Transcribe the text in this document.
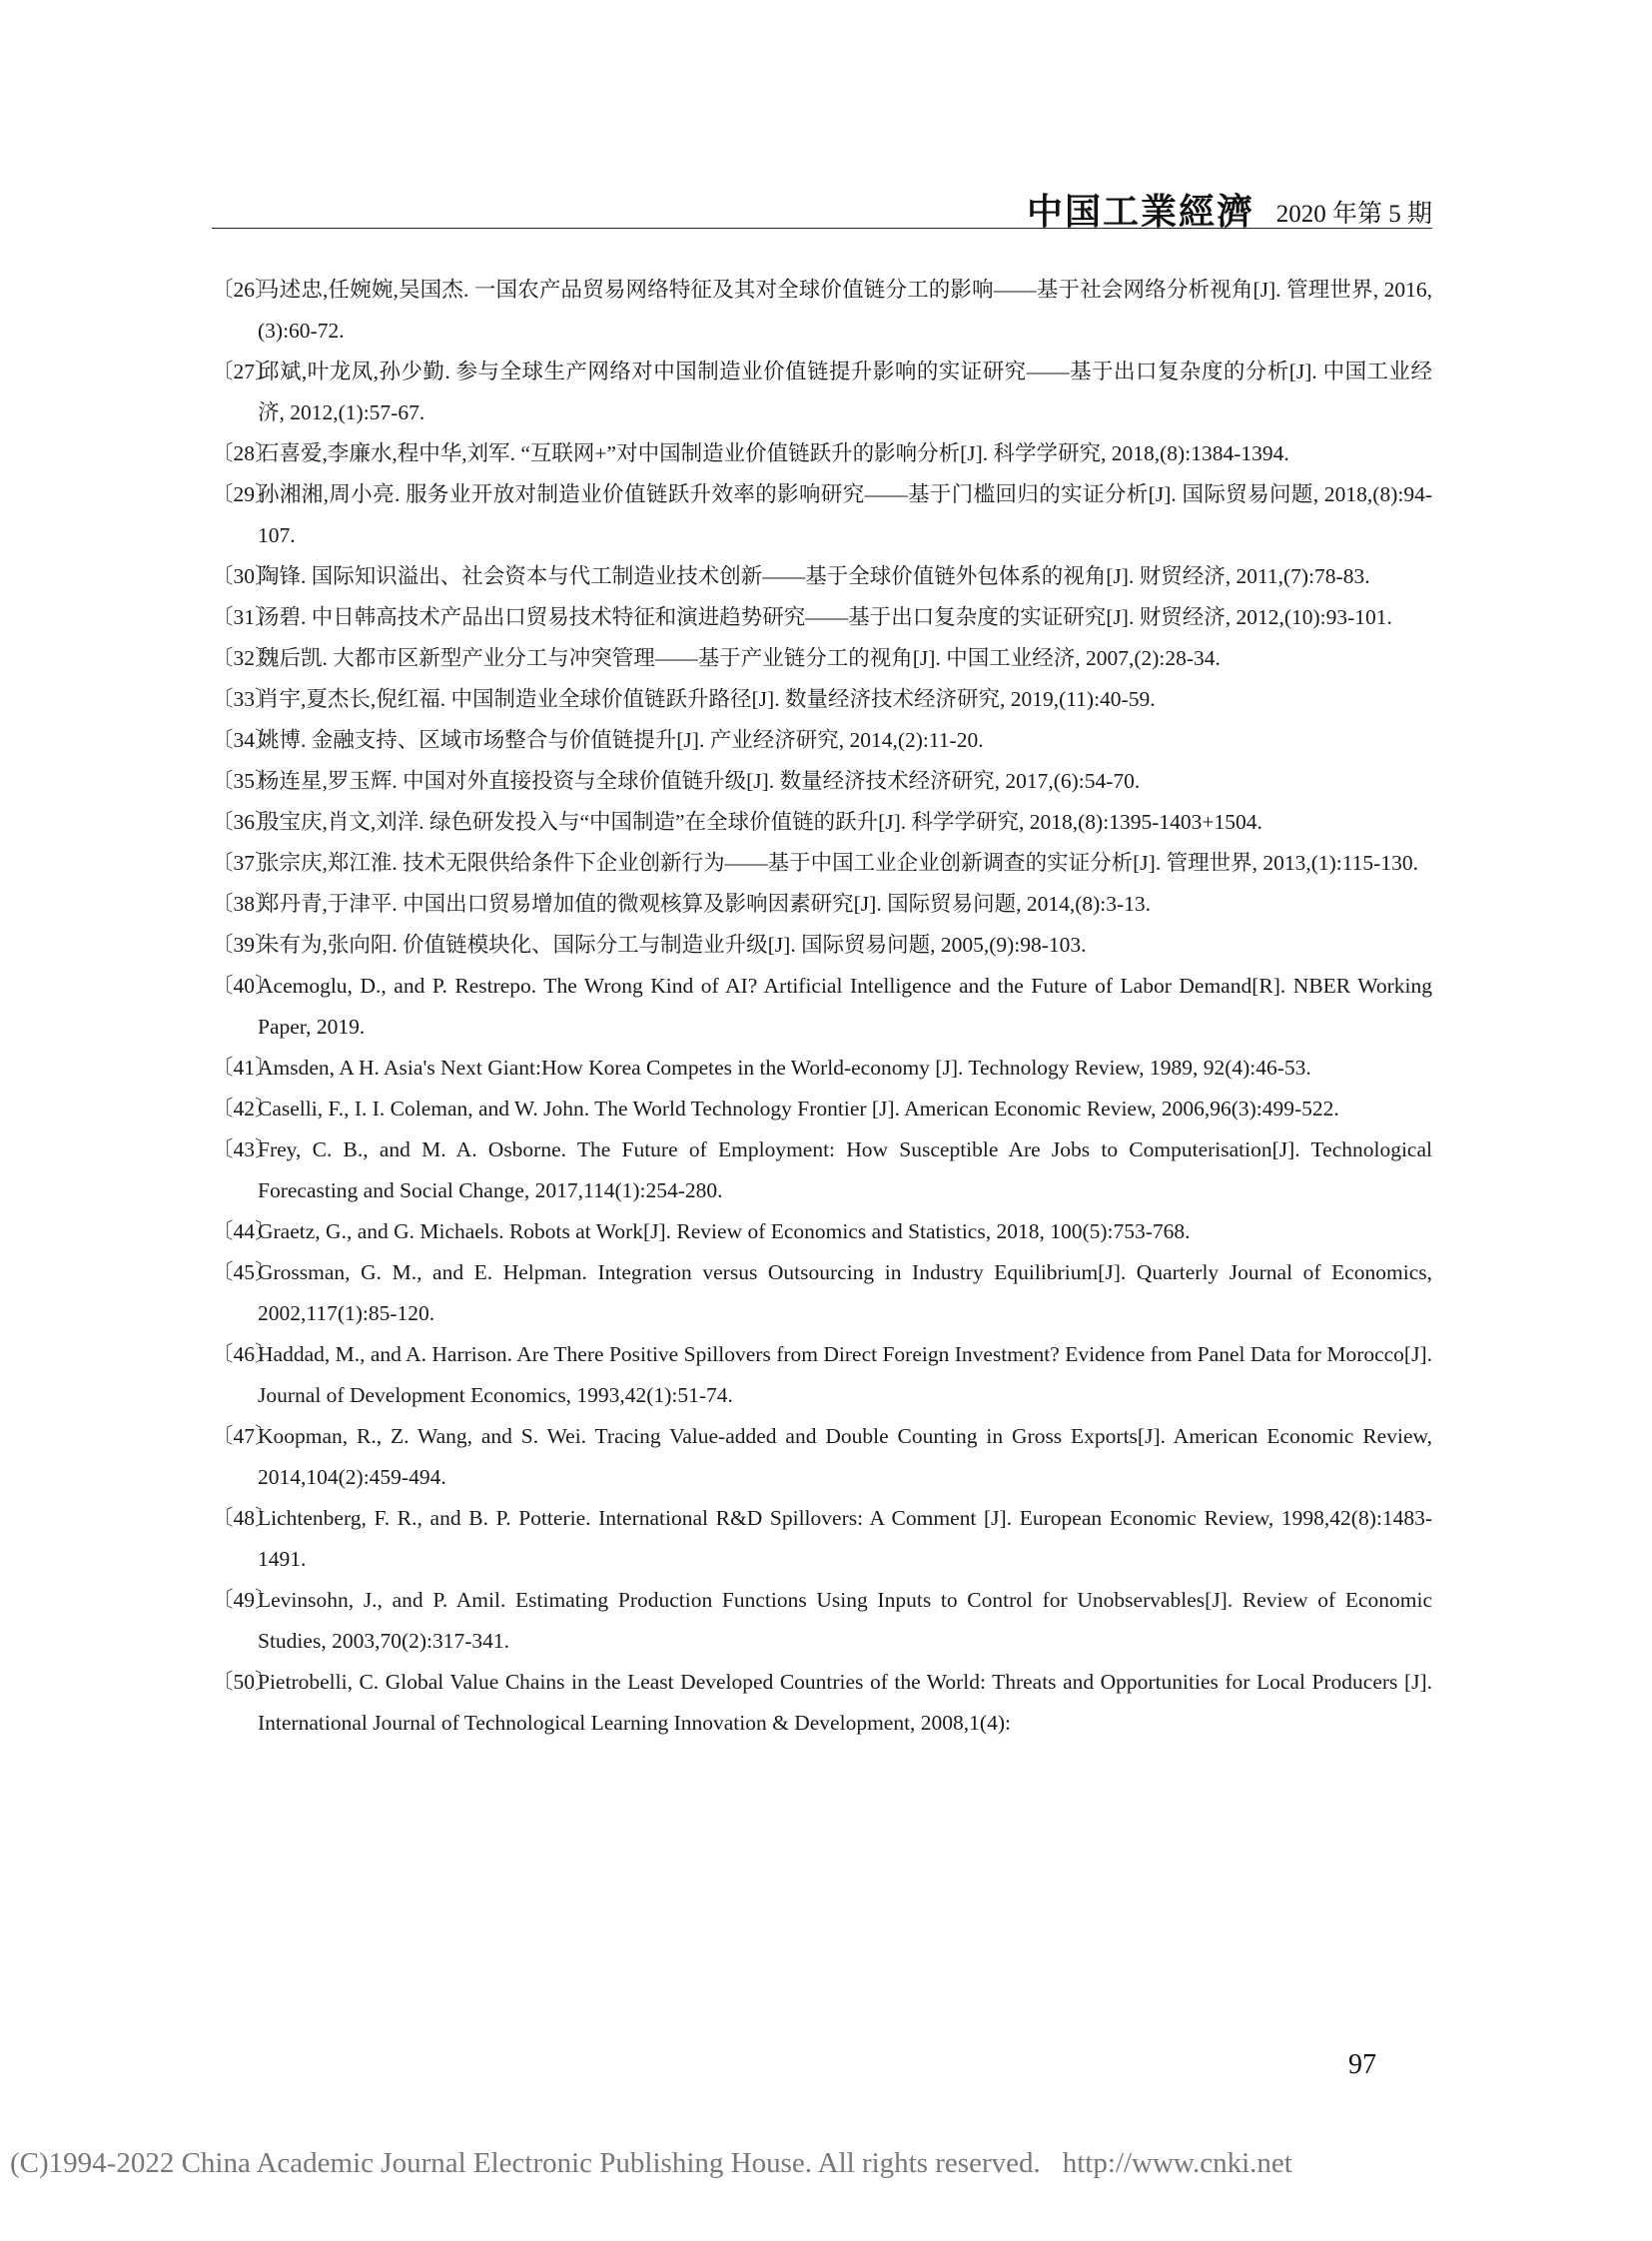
中国工業經濟 2020 年第 5 期
〔26〕
马述忠,任婉婉,吴国杰. 一国农产品贸易网络特征及其对全球价值链分工的影响——基于社会网络分析视角[J]. 管理世界, 2016,(3):60-72.
〔27〕
邱斌,叶龙凤,孙少勤. 参与全球生产网络对中国制造业价值链提升影响的实证研究——基于出口复杂度的分析[J]. 中国工业经济, 2012,(1):57-67.
〔28〕
石喜爱,李廉水,程中华,刘军. “互联网+”对中国制造业价值链跃升的影响分析[J]. 科学学研究, 2018,(8):1384-1394.
〔29〕
孙湘湘,周小亮. 服务业开放对制造业价值链跃升效率的影响研究——基于门槛回归的实证分析[J]. 国际贸易问题, 2018,(8):94-107.
〔30〕
陶锋. 国际知识溢出、社会资本与代工制造业技术创新——基于全球价值链外包体系的视角[J]. 财贸经济, 2011,(7):78-83.
〔31〕
汤碧. 中日韩高技术产品出口贸易技术特征和演进趋势研究——基于出口复杂度的实证研究[J]. 财贸经济, 2012,(10):93-101.
〔32〕
魏后凯. 大都市区新型产业分工与冲突管理——基于产业链分工的视角[J]. 中国工业经济, 2007,(2):28-34.
〔33〕
肖宇,夏杰长,倪红福. 中国制造业全球价值链跃升路径[J]. 数量经济技术经济研究, 2019,(11):40-59.
〔34〕
姚博. 金融支持、区域市场整合与价值链提升[J]. 产业经济研究, 2014,(2):11-20.
〔35〕
杨连星,罗玉辉. 中国对外直接投资与全球价值链升级[J]. 数量经济技术经济研究, 2017,(6):54-70.
〔36〕
殷宝庆,肖文,刘洋. 绿色研发投入与“中国制造”在全球价值链的跃升[J]. 科学学研究, 2018,(8):1395-1403+1504.
〔37〕
张宗庆,郑江淮. 技术无限供给条件下企业创新行为——基于中国工业企业创新调查的实证分析[J]. 管理世界, 2013,(1):115-130.
〔38〕
郑丹青,于津平. 中国出口贸易增加值的微观核算及影响因素研究[J]. 国际贸易问题, 2014,(8):3-13.
〔39〕
朱有为,张向阳. 价值链模块化、国际分工与制造业升级[J]. 国际贸易问题, 2005,(9):98-103.
〔40〕
Acemoglu, D., and P. Restrepo. The Wrong Kind of AI? Artificial Intelligence and the Future of Labor Demand[R]. NBER Working Paper, 2019.
〔41〕
Amsden, A H. Asia's Next Giant:How Korea Competes in the World-economy [J]. Technology Review, 1989, 92(4):46-53.
〔42〕
Caselli, F., I. I. Coleman, and W. John. The World Technology Frontier [J]. American Economic Review, 2006,96(3):499-522.
〔43〕
Frey, C. B., and M. A. Osborne. The Future of Employment: How Susceptible Are Jobs to Computerisation[J]. Technological Forecasting and Social Change, 2017,114(1):254-280.
〔44〕
Graetz, G., and G. Michaels. Robots at Work[J]. Review of Economics and Statistics, 2018, 100(5):753-768.
〔45〕
Grossman, G. M., and E. Helpman. Integration versus Outsourcing in Industry Equilibrium[J]. Quarterly Journal of Economics, 2002,117(1):85-120.
〔46〕
Haddad, M., and A. Harrison. Are There Positive Spillovers from Direct Foreign Investment? Evidence from Panel Data for Morocco[J]. Journal of Development Economics, 1993,42(1):51-74.
〔47〕
Koopman, R., Z. Wang, and S. Wei. Tracing Value-added and Double Counting in Gross Exports[J]. American Economic Review, 2014,104(2):459-494.
〔48〕
Lichtenberg, F. R., and B. P. Potterie. International R&D Spillovers: A Comment [J]. European Economic Review, 1998,42(8):1483-1491.
〔49〕
Levinsohn, J., and P. Amil. Estimating Production Functions Using Inputs to Control for Unobservables[J]. Review of Economic Studies, 2003,70(2):317-341.
〔50〕
Pietrobelli, C. Global Value Chains in the Least Developed Countries of the World: Threats and Opportunities for Local Producers [J]. International Journal of Technological Learning Innovation & Development, 2008,1(4):
97
(C)1994-2022 China Academic Journal Electronic Publishing House. All rights reserved. http://www.cnki.net
